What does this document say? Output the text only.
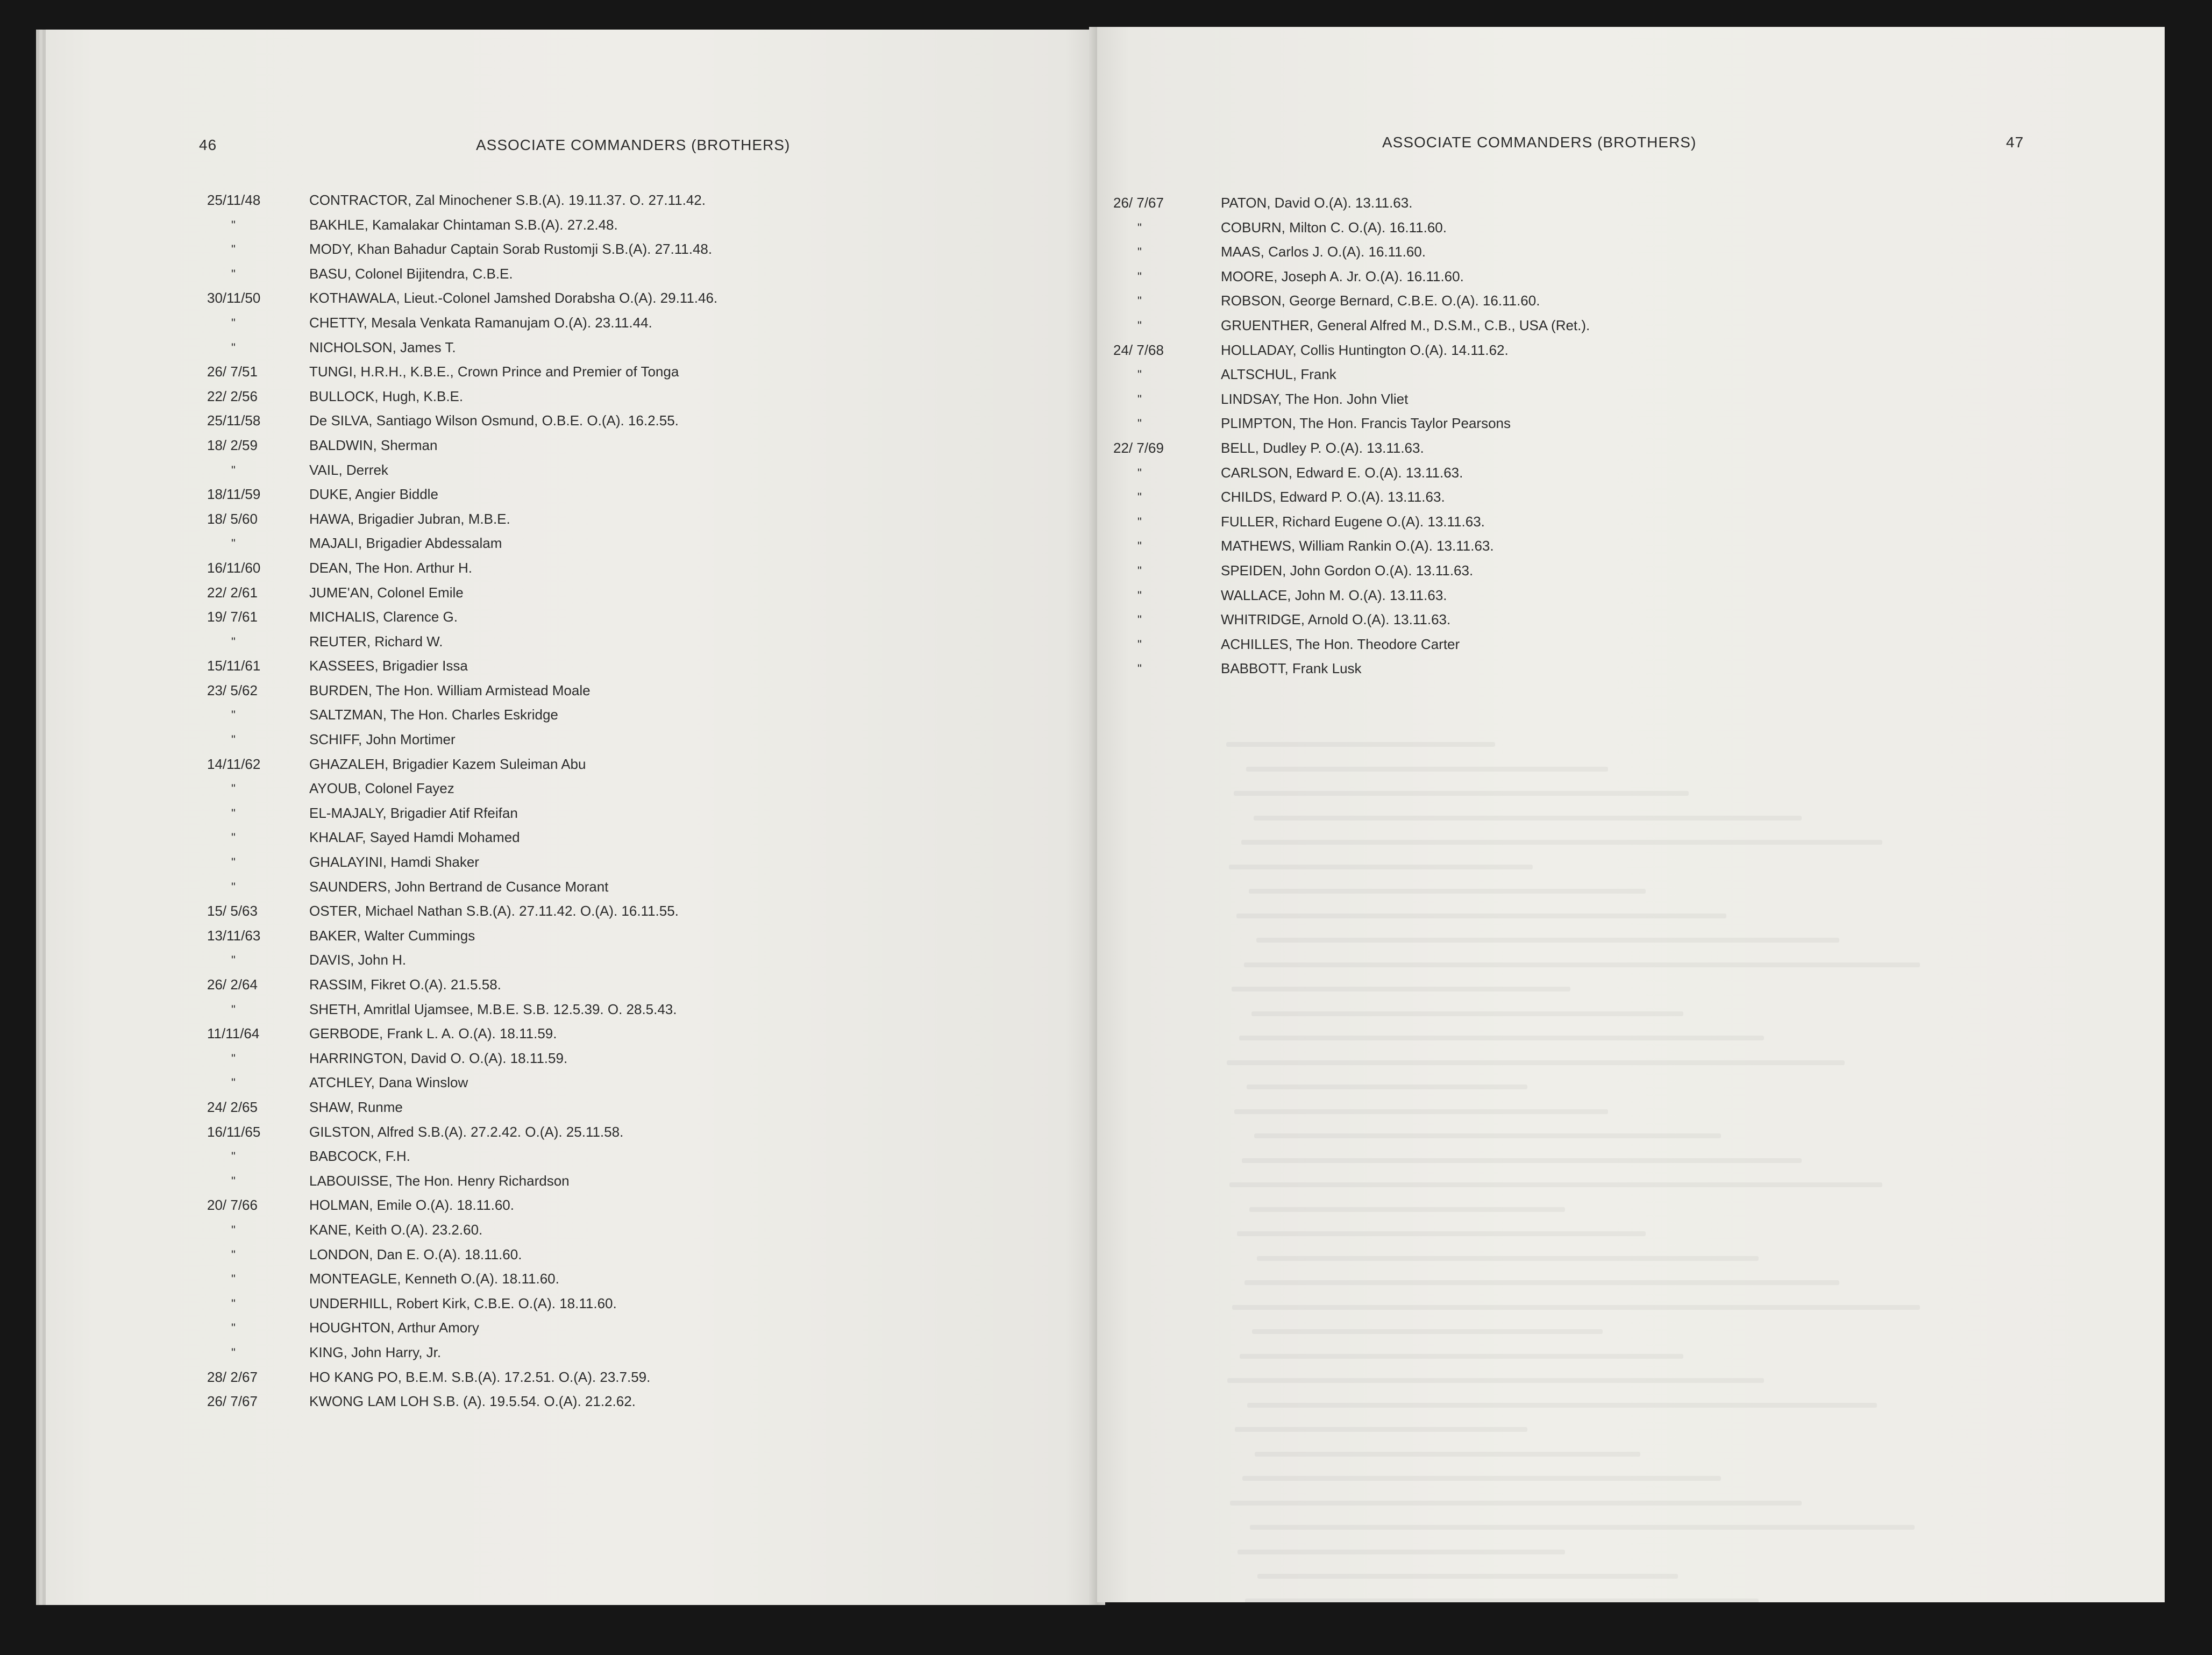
46	ASSOCIATE COMMANDERS (BROTHERS)
25/11/48	CONTRACTOR, Zal Minochener S.B.(A). 19.11.37. O. 27.11.42.
"	BAKHLE, Kamalakar Chintaman S.B.(A). 27.2.48.
"	MODY, Khan Bahadur Captain Sorab Rustomji S.B.(A). 27.11.48.
"	BASU, Colonel Bijitendra, C.B.E.
30/11/50	KOTHAWALA, Lieut.-Colonel Jamshed Dorabsha O.(A). 29.11.46.
"	CHETTY, Mesala Venkata Ramanujam O.(A). 23.11.44.
"	NICHOLSON, James T.
26/ 7/51	TUNGI, H.R.H., K.B.E., Crown Prince and Premier of Tonga
22/ 2/56	BULLOCK, Hugh, K.B.E.
25/11/58	De SILVA, Santiago Wilson Osmund, O.B.E. O.(A). 16.2.55.
18/ 2/59	BALDWIN, Sherman
"	VAIL, Derrek
18/11/59	DUKE, Angier Biddle
18/ 5/60	HAWA, Brigadier Jubran, M.B.E.
"	MAJALI, Brigadier Abdessalam
16/11/60	DEAN, The Hon. Arthur H.
22/ 2/61	JUME'AN, Colonel Emile
19/ 7/61	MICHALIS, Clarence G.
"	REUTER, Richard W.
15/11/61	KASSEES, Brigadier Issa
23/ 5/62	BURDEN, The Hon. William Armistead Moale
"	SALTZMAN, The Hon. Charles Eskridge
"	SCHIFF, John Mortimer
14/11/62	GHAZALEH, Brigadier Kazem Suleiman Abu
"	AYOUB, Colonel Fayez
"	EL-MAJALY, Brigadier Atif Rfeifan
"	KHALAF, Sayed Hamdi Mohamed
"	GHALAYINI, Hamdi Shaker
"	SAUNDERS, John Bertrand de Cusance Morant
15/ 5/63	OSTER, Michael Nathan S.B.(A). 27.11.42. O.(A). 16.11.55.
13/11/63	BAKER, Walter Cummings
"	DAVIS, John H.
26/ 2/64	RASSIM, Fikret O.(A). 21.5.58.
"	SHETH, Amritlal Ujamsee, M.B.E. S.B. 12.5.39. O. 28.5.43.
11/11/64	GERBODE, Frank L. A. O.(A). 18.11.59.
"	HARRINGTON, David O. O.(A). 18.11.59.
"	ATCHLEY, Dana Winslow
24/ 2/65	SHAW, Runme
16/11/65	GILSTON, Alfred S.B.(A). 27.2.42. O.(A). 25.11.58.
"	BABCOCK, F.H.
"	LABOUISSE, The Hon. Henry Richardson
20/ 7/66	HOLMAN, Emile O.(A). 18.11.60.
"	KANE, Keith O.(A). 23.2.60.
"	LONDON, Dan E. O.(A). 18.11.60.
"	MONTEAGLE, Kenneth O.(A). 18.11.60.
"	UNDERHILL, Robert Kirk, C.B.E. O.(A). 18.11.60.
"	HOUGHTON, Arthur Amory
"	KING, John Harry, Jr.
28/ 2/67	HO KANG PO, B.E.M. S.B.(A). 17.2.51. O.(A). 23.7.59.
26/ 7/67	KWONG LAM LOH S.B. (A). 19.5.54. O.(A). 21.2.62.
ASSOCIATE COMMANDERS (BROTHERS)	47
26/ 7/67	PATON, David O.(A). 13.11.63.
"	COBURN, Milton C. O.(A). 16.11.60.
"	MAAS, Carlos J. O.(A). 16.11.60.
"	MOORE, Joseph A. Jr. O.(A). 16.11.60.
"	ROBSON, George Bernard, C.B.E. O.(A). 16.11.60.
"	GRUENTHER, General Alfred M., D.S.M., C.B., USA (Ret.).
24/ 7/68	HOLLADAY, Collis Huntington O.(A). 14.11.62.
"	ALTSCHUL, Frank
"	LINDSAY, The Hon. John Vliet
"	PLIMPTON, The Hon. Francis Taylor Pearsons
22/ 7/69	BELL, Dudley P. O.(A). 13.11.63.
"	CARLSON, Edward E. O.(A). 13.11.63.
"	CHILDS, Edward P. O.(A). 13.11.63.
"	FULLER, Richard Eugene O.(A). 13.11.63.
"	MATHEWS, William Rankin O.(A). 13.11.63.
"	SPEIDEN, John Gordon O.(A). 13.11.63.
"	WALLACE, John M. O.(A). 13.11.63.
"	WHITRIDGE, Arnold O.(A). 13.11.63.
"	ACHILLES, The Hon. Theodore Carter
"	BABBOTT, Frank Lusk
